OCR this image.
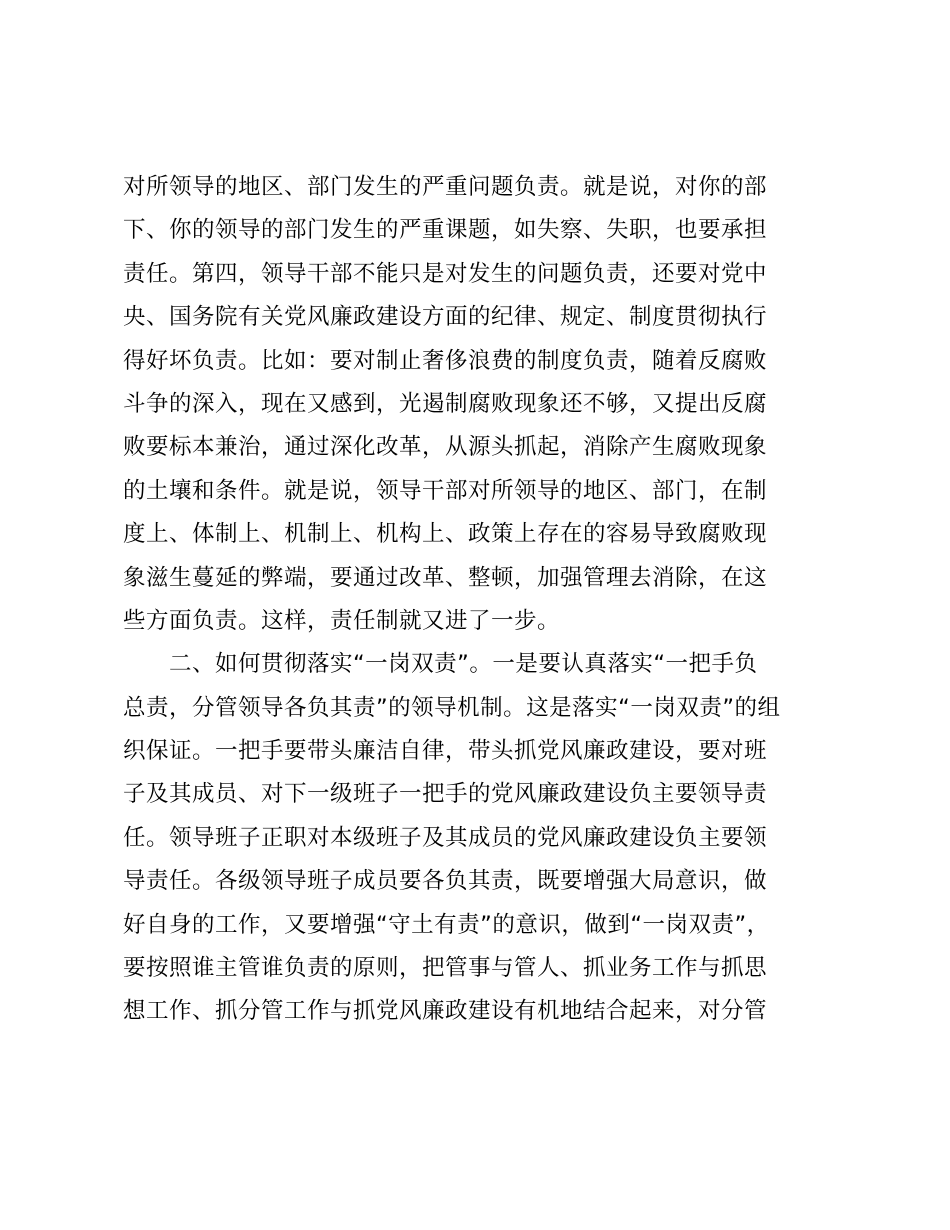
对所领导的地区、部门发生的严重问题负责。就是说，对你的部
下、你的领导的部门发生的严重课题，如失察、失职，也要承担
责任。第四，领导干部不能只是对发生的问题负责，还要对党中
央、国务院有关党风廉政建设方面的纪律、规定、制度贯彻执行
得好坏负责。比如：要对制止奢侈浪费的制度负责，随着反腐败
斗争的深入，现在又感到，光遏制腐败现象还不够，又提出反腐
败要标本兼治，通过深化改革，从源头抓起，消除产生腐败现象
的土壤和条件。就是说，领导干部对所领导的地区、部门，在制
度上、体制上、机制上、机构上、政策上存在的容易导致腐败现
象滋生蔓延的弊端，要通过改革、整顿，加强管理去消除，在这
些方面负责。这样，责任制就又进了一步。
　　二、如何贯彻落实“一岗双责”。一是要认真落实“一把手负
总责，分管领导各负其责”的领导机制。这是落实“一岗双责”的组
织保证。一把手要带头廉洁自律，带头抓党风廉政建设，要对班
子及其成员、对下一级班子一把手的党风廉政建设负主要领导责
任。领导班子正职对本级班子及其成员的党风廉政建设负主要领
导责任。各级领导班子成员要各负其责，既要增强大局意识，做
好自身的工作，又要增强“守土有责”的意识，做到“一岗双责”，
要按照谁主管谁负责的原则，把管事与管人、抓业务工作与抓思
想工作、抓分管工作与抓党风廉政建设有机地结合起来，对分管
